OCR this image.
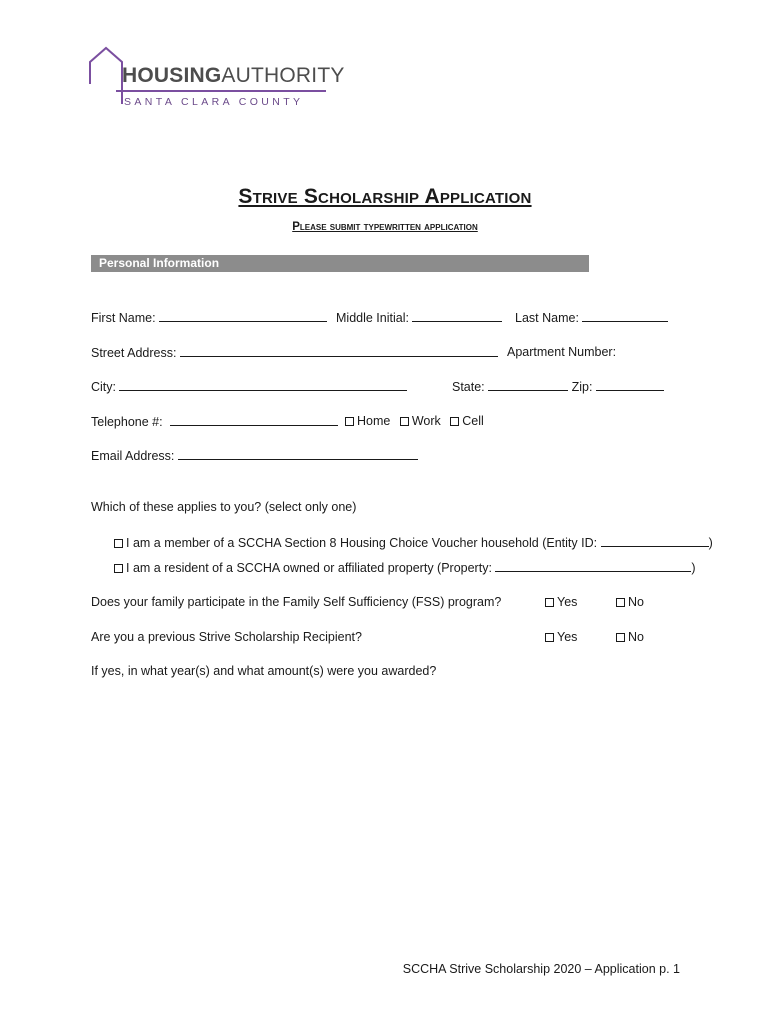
HOUSINGAUTHORITY
SANTA CLARA COUNTY
Strive Scholarship Application
Please submit typewritten application
Personal Information
First Name:	Middle Initial:	Last Name:
Street Address:	Apartment Number:
City:	State:	Zip:
Telephone #:	Home Work Cell
Email Address:
Which of these applies to you? (select only one)
I am a member of a SCCHA Section 8 Housing Choice Voucher household (Entity ID:	)
I am a resident of a SCCHA owned or affiliated property (Property:	)
Does your family participate in the Family Self Sufficiency (FSS) program?	Yes	No
Are you a previous Strive Scholarship Recipient?	Yes	No
If yes, in what year(s) and what amount(s) were you awarded?
SCCHA Strive Scholarship 2020 – Application p. 1
